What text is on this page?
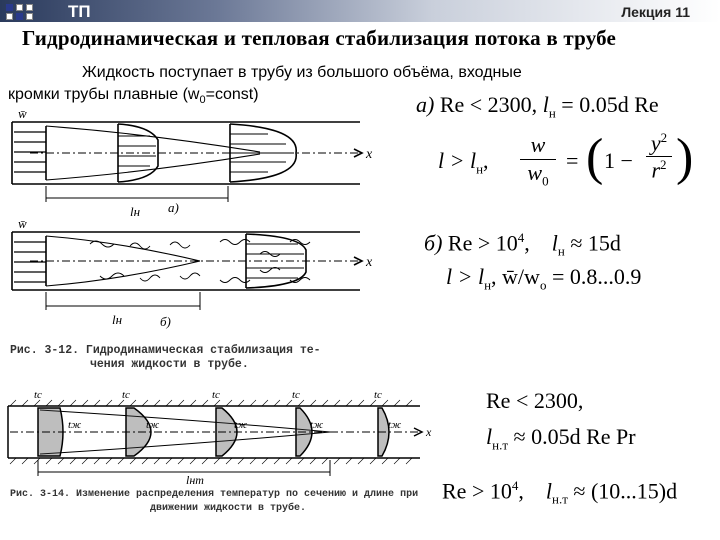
ТП	Лекция 11
Гидродинамическая и тепловая стабилизация потока в трубе
Жидкость поступает в трубу из большого объёма, входные
кромки трубы плавные $(w_0=const)$	а) Re < 2300, $l_н = 0.05d$ Re
$l > l_н$,
w
$w_0$
= ( 1 −
$y^2$
$r^2$ )
б) $Re > 10^4$, $l_н \approx 15d$
$l > l_н$, $w̄/w_o = 0.8...0.9$
Re < 2300,
$l_{н.т} \approx 0.05d$ Re Pr
$Re > 10^4$, $l_{н.т} \approx (10...15)d$
w̄
x
lн а)
w̄
x
lн	б)
Рис. 3-12. Гидродинамическая стабилизация те-
чения жидкости в трубе.
tс	tс	tс	tс	tс
tж	tж	tж	tж	tж x
lнт
Рис. 3-14. Изменение распределения температур по сечению и длине при
движении жидкости в трубе.
